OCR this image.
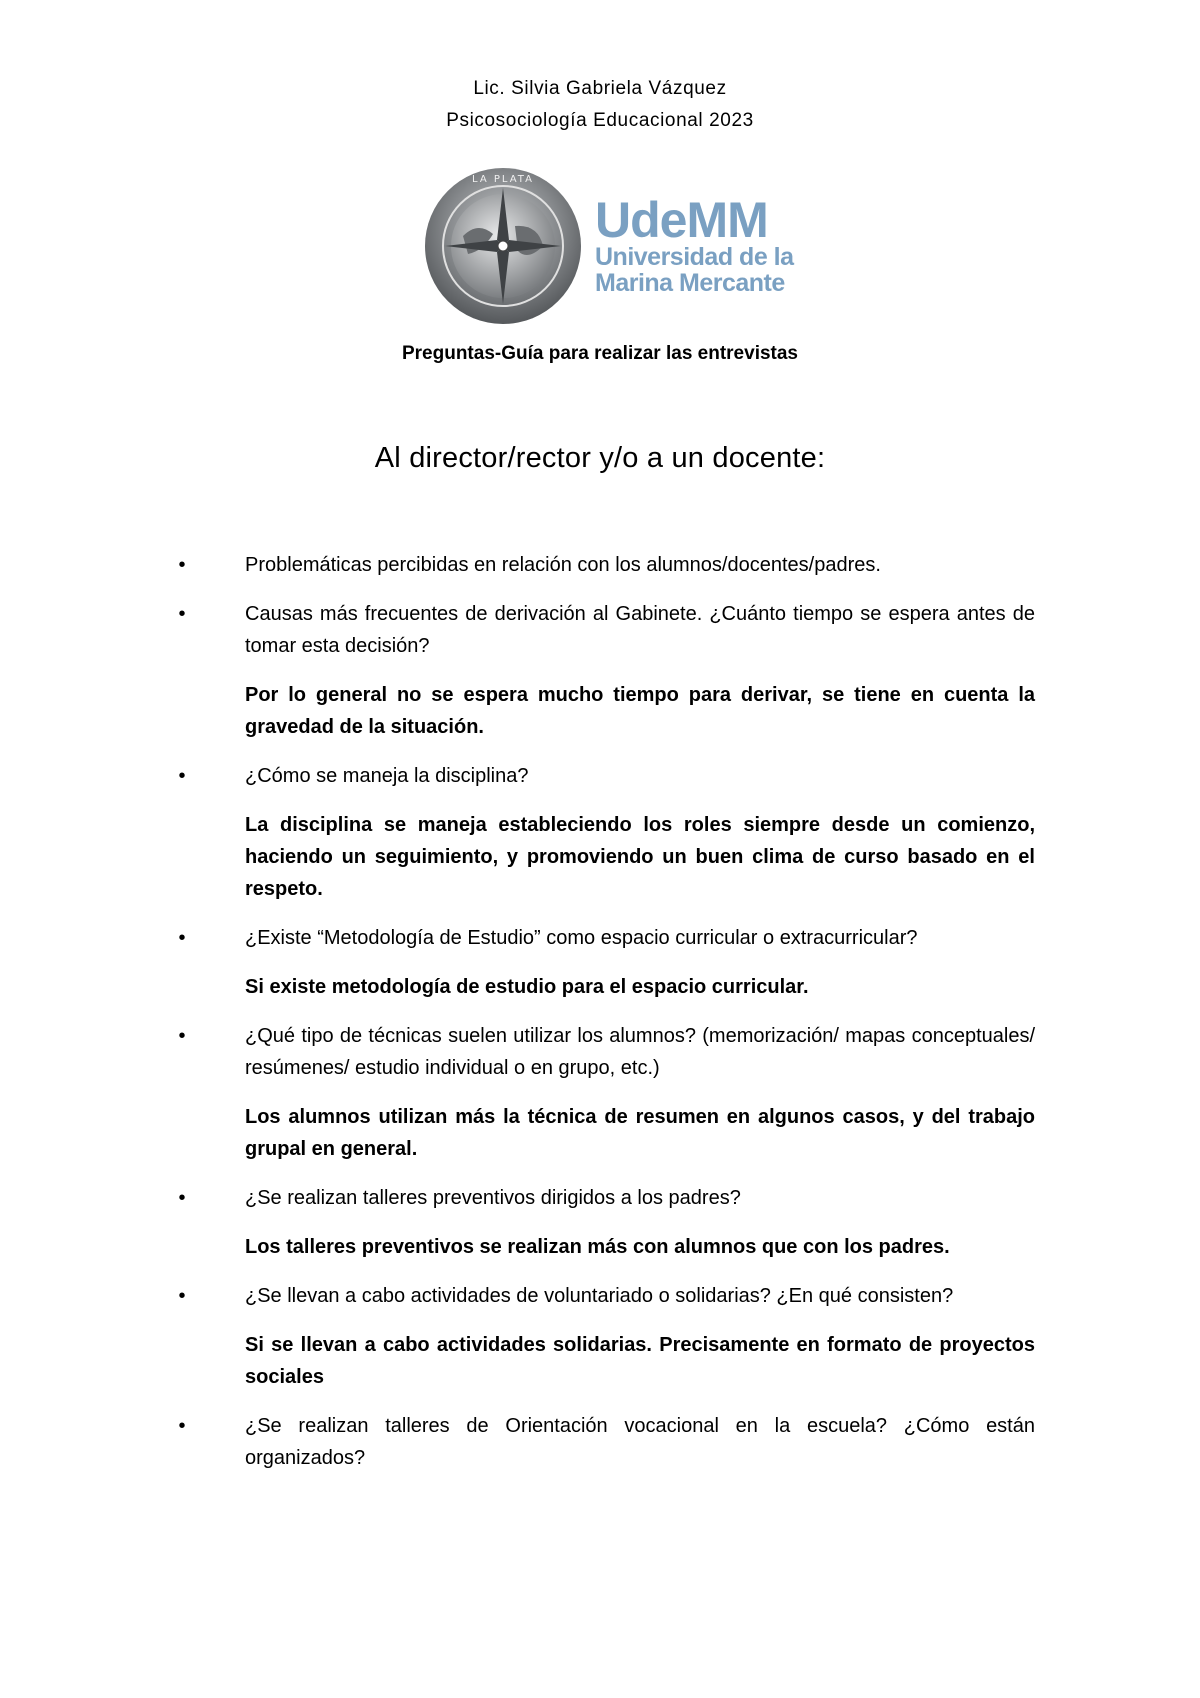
Lic. Silvia Gabriela Vázquez
Psicosociología Educacional 2023
LA PLATA
UdeMM
Universidad de la
Marina Mercante
Preguntas-Guía para realizar las entrevistas
Al director/rector y/o a un docente:
•	Problemáticas percibidas en relación con los alumnos/docentes/padres.
•	Causas más frecuentes de derivación al Gabinete. ¿Cuánto tiempo se espera antes de tomar esta decisión?
Por lo general no se espera mucho tiempo para derivar, se tiene en cuenta la gravedad de la situación.
•	¿Cómo se maneja la disciplina?
La disciplina se maneja estableciendo los roles siempre desde un comienzo, haciendo un seguimiento, y promoviendo un buen clima de curso basado en el respeto.
•	¿Existe “Metodología de Estudio” como espacio curricular o extracurricular?
Si existe metodología de estudio para el espacio curricular.
•	¿Qué tipo de técnicas suelen utilizar los alumnos? (memorización/ mapas conceptuales/ resúmenes/ estudio individual o en grupo, etc.)
Los alumnos utilizan más la técnica de resumen en algunos casos, y del trabajo grupal en general.
•	¿Se realizan talleres preventivos dirigidos a los padres?
Los talleres preventivos se realizan más con alumnos que con los padres.
•	¿Se llevan a cabo actividades de voluntariado o solidarias? ¿En qué consisten?
Si se llevan a cabo actividades solidarias. Precisamente en formato de proyectos sociales
•	¿Se realizan talleres de Orientación vocacional en la escuela? ¿Cómo están organizados?
